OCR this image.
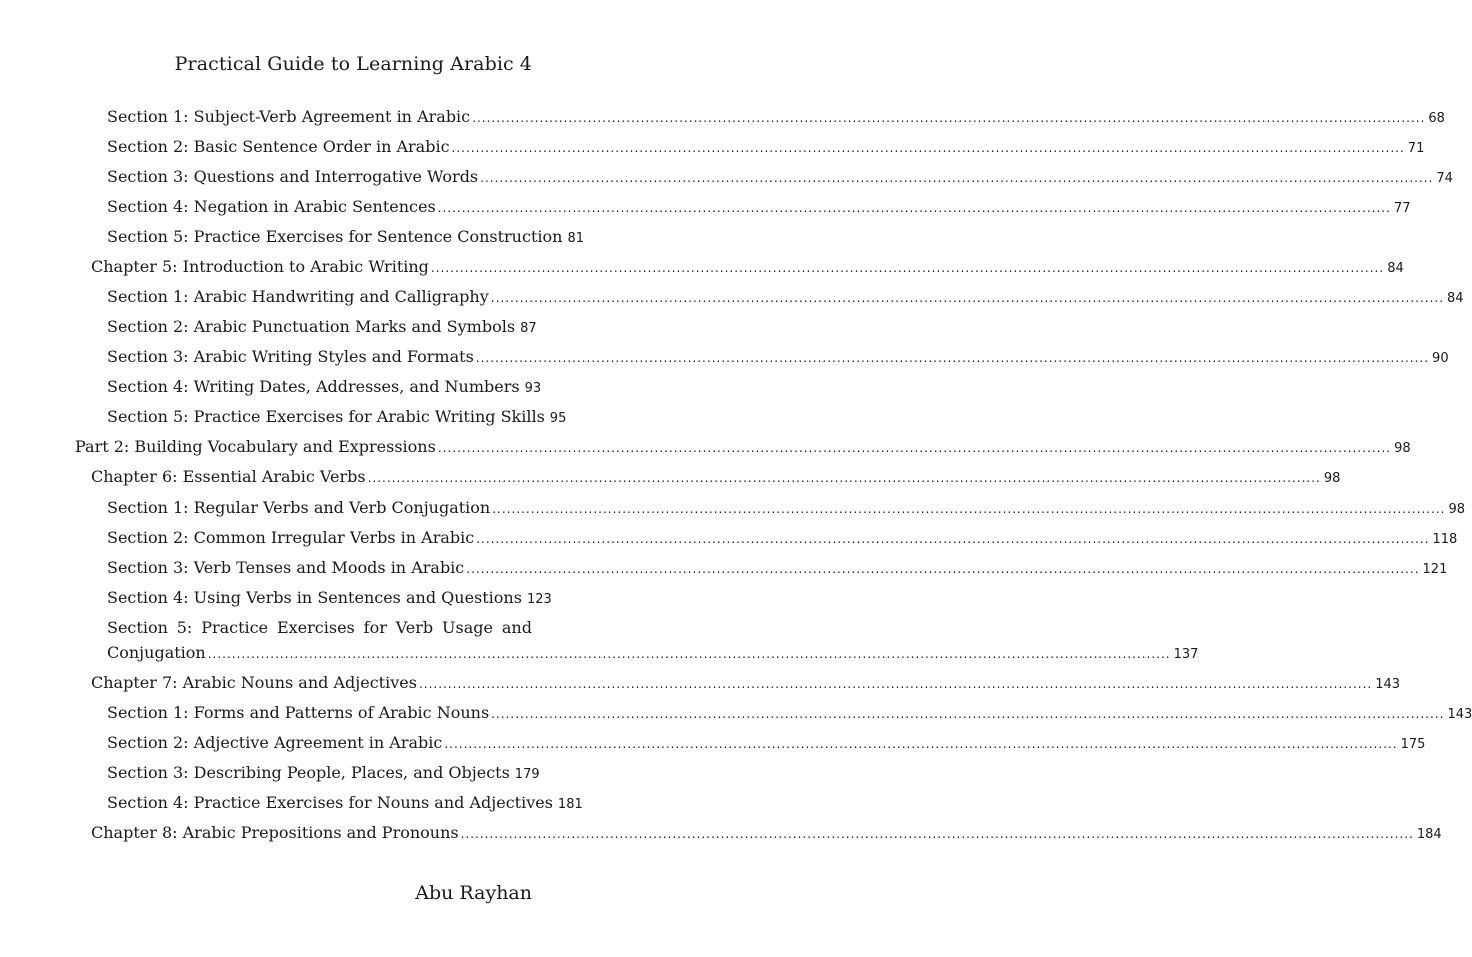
Practical Guide to Learning Arabic 4
Section 1: Subject-Verb Agreement in Arabic .....	68
Section 2: Basic Sentence Order in Arabic .....	71
Section 3: Questions and Interrogative Words .....	74
Section 4: Negation in Arabic Sentences .....	77
Section 5: Practice Exercises for Sentence Construction 81
Chapter 5: Introduction to Arabic Writing .....	84
Section 1: Arabic Handwriting and Calligraphy .....	84
Section 2: Arabic Punctuation Marks and Symbols 87
Section 3: Arabic Writing Styles and Formats .....	90
Section 4: Writing Dates, Addresses, and Numbers 93
Section 5: Practice Exercises for Arabic Writing Skills 95
Part 2: Building Vocabulary and Expressions .....	98
Chapter 6: Essential Arabic Verbs .....	98
Section 1: Regular Verbs and Verb Conjugation .....	98
Section 2: Common Irregular Verbs in Arabic .....	118
Section 3: Verb Tenses and Moods in Arabic .....	121
Section 4: Using Verbs in Sentences and Questions 123
Section 5: Practice Exercises for Verb Usage and
Conjugation ........................................................................................................................................................................................................ 137
Chapter 7: Arabic Nouns and Adjectives .....	143
Section 1: Forms and Patterns of Arabic Nouns .....	143
Section 2: Adjective Agreement in Arabic .....	175
Section 3: Describing People, Places, and Objects 179
Section 4: Practice Exercises for Nouns and Adjectives 181
Chapter 8: Arabic Prepositions and Pronouns .....	184
Abu Rayhan
